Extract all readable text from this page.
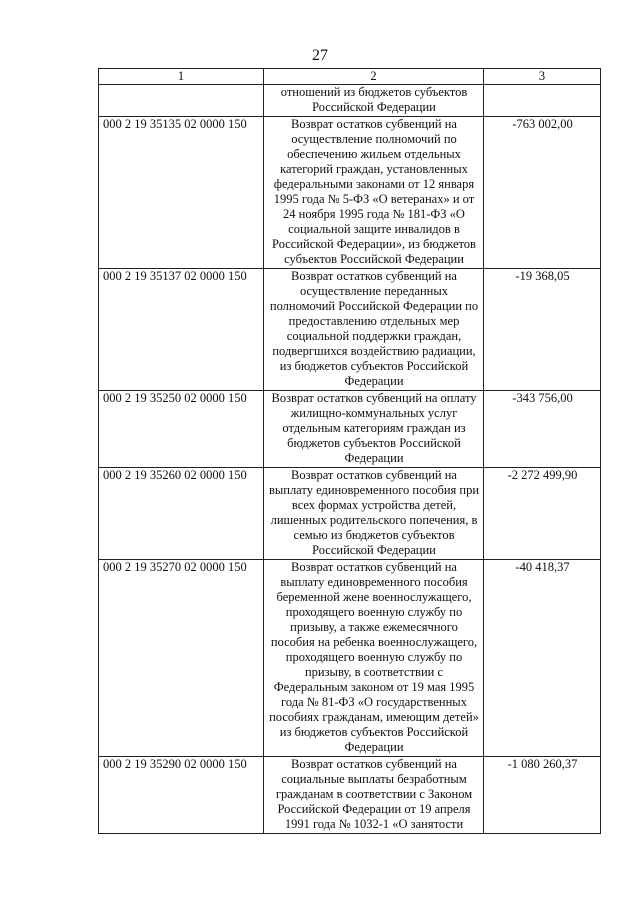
27
1	2	3

	отношений из бюджетов субъектов Российской Федерации	

000 2 19 35135 02 0000 150	Возврат остатков субвенций на осуществление полномочий по обеспечению жильем отдельных категорий граждан, установленных федеральными законами от 12 января 1995 года № 5-ФЗ «О ветеранах» и от 24 ноября 1995 года № 181-ФЗ «О социальной защите инвалидов в Российской Федерации», из бюджетов субъектов Российской Федерации	-763 002,00
000 2 19 35137 02 0000 150	Возврат остатков субвенций на осуществление переданных полномочий Российской Федерации по предоставлению отдельных мер социальной поддержки граждан, подвергшихся воздействию радиации, из бюджетов субъектов Российской Федерации	-19 368,05
000 2 19 35250 02 0000 150	Возврат остатков субвенций на оплату жилищно-коммунальных услуг отдельным категориям граждан из бюджетов субъектов Российской Федерации	-343 756,00
000 2 19 35260 02 0000 150	Возврат остатков субвенций на выплату единовременного пособия при всех формах устройства детей, лишенных родительского попечения, в семью из бюджетов субъектов Российской Федерации	-2 272 499,90
000 2 19 35270 02 0000 150	Возврат остатков субвенций на выплату единовременного пособия беременной жене военнослужащего, проходящего военную службу по призыву, а также ежемесячного пособия на ребенка военнослужащего, проходящего военную службу по призыву, в соответствии с Федеральным законом от 19 мая 1995 года № 81-ФЗ «О государственных пособиях гражданам, имеющим детей» из бюджетов субъектов Российской Федерации	-40 418,37
000 2 19 35290 02 0000 150	Возврат остатков субвенций на социальные выплаты безработным гражданам в соответствии с Законом Российской Федерации от 19 апреля 1991 года № 1032-1 «О занятости	-1 080 260,37
